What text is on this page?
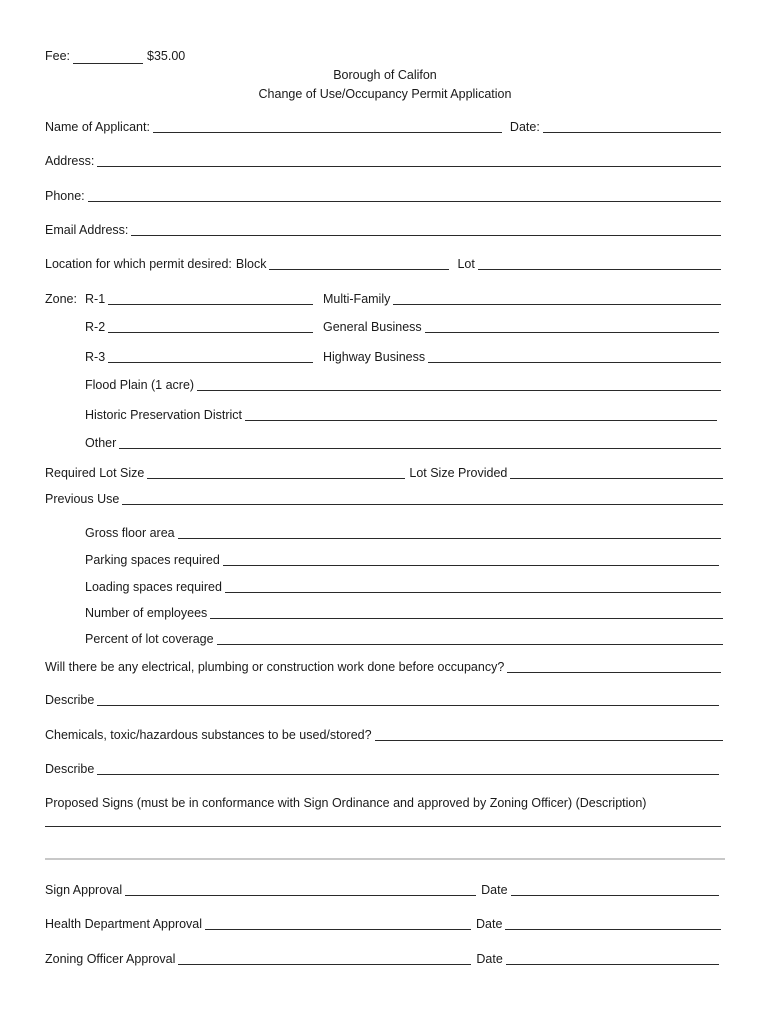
Fee:	$35.00
Borough of Califon
Change of Use/Occupancy Permit Application
Name of Applicant:	Date:
Address:
Phone:
Email Address:
Location for which permit desired: Block	Lot
Zone: R-1	Multi-Family
R-2	General Business
R-3	Highway Business
Flood Plain (1 acre)
Historic Preservation District
Other
Required Lot Size	Lot Size Provided
Previous Use
Gross floor area
Parking spaces required
Loading spaces required
Number of employees
Percent of lot coverage
Will there be any electrical, plumbing or construction work done before occupancy?
Describe
Chemicals, toxic/hazardous substances to be used/stored?
Describe
Proposed Signs (must be in conformance with Sign Ordinance and approved by Zoning Officer) (Description)
Sign Approval	Date
Health Department Approval	Date
Zoning Officer Approval	Date
